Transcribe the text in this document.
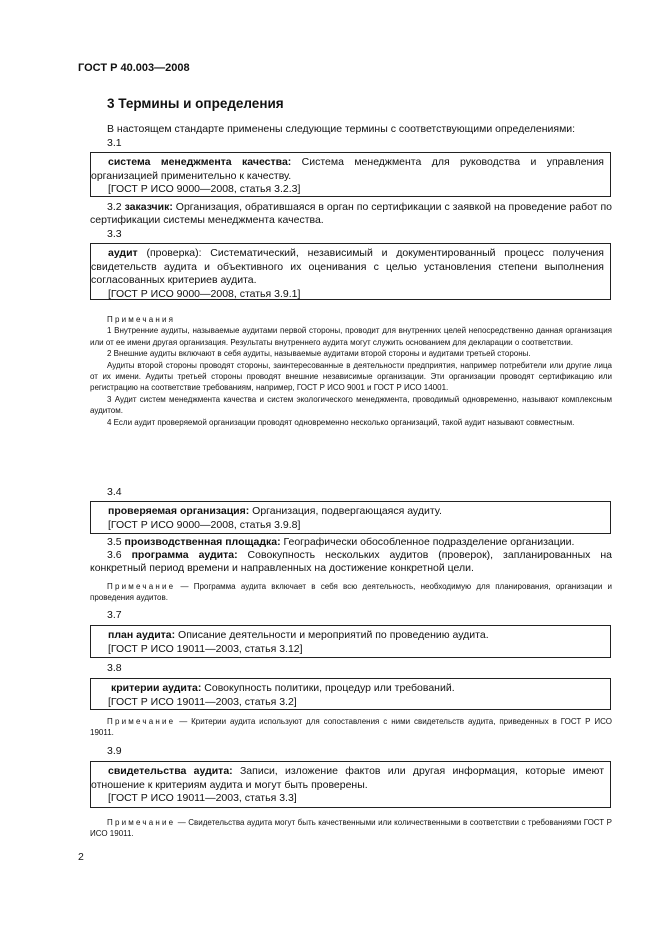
ГОСТ Р 40.003—2008
3 Термины и определения

В настоящем стандарте применены следующие термины с соответствующими определениями:

3.1

система менеджмента качества: Система менеджмента для руководства и управления организацией применительно к качеству.

[ГОСТ Р ИСО 9000—2008, статья 3.2.3]

3.2 заказчик: Организация, обратившаяся в орган по сертификации с заявкой на проведение работ по сертификации системы менеджмента качества.

3.3

аудит (проверка): Систематический, независимый и документированный процесс получения свидетельств аудита и объективного их оценивания с целью установления степени выполнения согласованных критериев аудита.

[ГОСТ Р ИСО 9000—2008, статья 3.9.1]

Примечания

1 Внутренние аудиты, называемые аудитами первой стороны, проводит для внутренних целей непосредственно данная организация или от ее имени другая организация. Результаты внутреннего аудита могут служить основанием для декларации о соответствии.

2 Внешние аудиты включают в себя аудиты, называемые аудитами второй стороны и аудитами третьей стороны.

Аудиты второй стороны проводят стороны, заинтересованные в деятельности предприятия, например потребители или другие лица от их имени. Аудиты третьей стороны проводят внешние независимые организации. Эти организации проводят сертификацию или регистрацию на соответствие требованиям, например, ГОСТ Р ИСО 9001 и ГОСТ Р ИСО 14001.

3 Аудит систем менеджмента качества и систем экологического менеджмента, проводимый одновременно, называют комплексным аудитом.

4 Если аудит проверяемой организации проводят одновременно несколько организаций, такой аудит называют совместным.

3.4

проверяемая организация: Организация, подвергающаяся аудиту.

[ГОСТ Р ИСО 9000—2008, статья 3.9.8]

3.5 производственная площадка: Географически обособленное подразделение организации.

3.6 программа аудита: Совокупность нескольких аудитов (проверок), запланированных на конкретный период времени и направленных на достижение конкретной цели.

Примечание — Программа аудита включает в себя всю деятельность, необходимую для планирования, организации и проведения аудитов.

3.7

план аудита: Описание деятельности и мероприятий по проведению аудита.

[ГОСТ Р ИСО 19011—2003, статья 3.12]

3.8

критерии аудита: Совокупность политики, процедур или требований.

[ГОСТ Р ИСО 19011—2003, статья 3.2]

Примечание — Критерии аудита используют для сопоставления с ними свидетельств аудита, приведенных в ГОСТ Р ИСО 19011.

3.9

свидетельства аудита: Записи, изложение фактов или другая информация, которые имеют отношение к критериям аудита и могут быть проверены.

[ГОСТ Р ИСО 19011—2003, статья 3.3]

Примечание — Свидетельства аудита могут быть качественными или количественными в соответствии с требованиями ГОСТ Р ИСО 19011.

2
